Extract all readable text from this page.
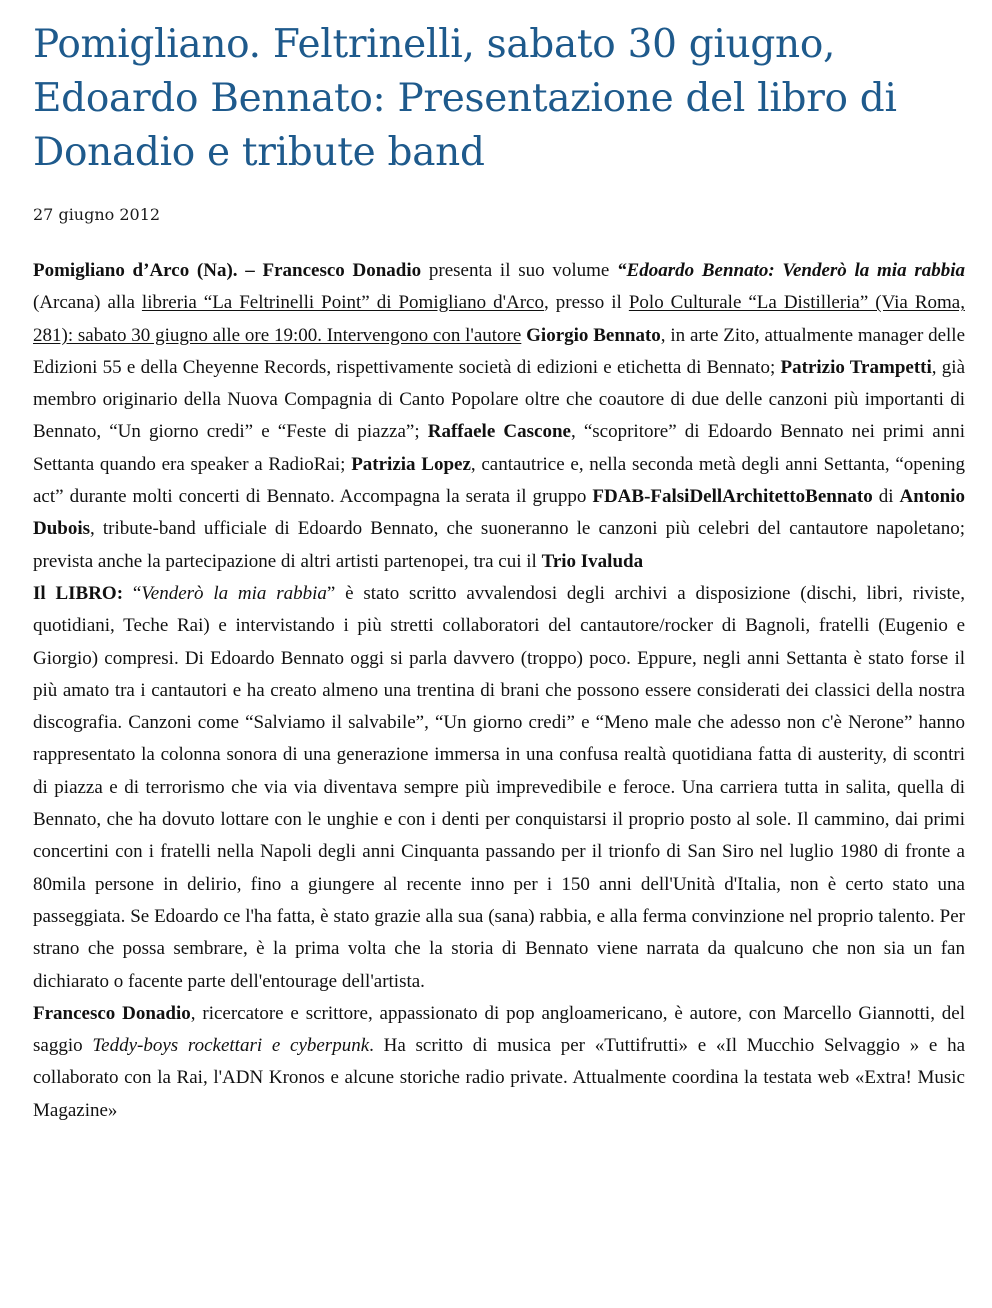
Pomigliano. Feltrinelli, sabato 30 giugno, Edoardo Bennato: Presentazione del libro di Donadio e tribute band
27 giugno 2012

Pomigliano d’Arco (Na). – Francesco Donadio presenta il suo volume “Edoardo Bennato: Venderò la mia rabbia (Arcana) alla libreria “La Feltrinelli Point” di Pomigliano d'Arco, presso il Polo Culturale “La Distilleria” (Via Roma, 281): sabato 30 giugno alle ore 19:00. Intervengono con l'autore Giorgio Bennato, in arte Zito, attualmente manager delle Edizioni 55 e della Cheyenne Records, rispettivamente società di edizioni e etichetta di Bennato; Patrizio Trampetti, già membro originario della Nuova Compagnia di Canto Popolare oltre che coautore di due delle canzoni più importanti di Bennato, “Un giorno credi” e “Feste di piazza”; Raffaele Cascone, “scopritore” di Edoardo Bennato nei primi anni Settanta quando era speaker a RadioRai; Patrizia Lopez, cantautrice e, nella seconda metà degli anni Settanta, “opening act” durante molti concerti di Bennato. Accompagna la serata il gruppo FDAB-FalsiDellArchitettoBennato di Antonio Dubois, tribute-band ufficiale di Edoardo Bennato, che suoneranno le canzoni più celebri del cantautore napoletano; prevista anche la partecipazione di altri artisti partenopei, tra cui il Trio Ivaluda

Il LIBRO: “Venderò la mia rabbia” è stato scritto avvalendosi degli archivi a disposizione (dischi, libri, riviste, quotidiani, Teche Rai) e intervistando i più stretti collaboratori del cantautore/rocker di Bagnoli, fratelli (Eugenio e Giorgio) compresi. Di Edoardo Bennato oggi si parla davvero (troppo) poco. Eppure, negli anni Settanta è stato forse il più amato tra i cantautori e ha creato almeno una trentina di brani che possono essere considerati dei classici della nostra discografia. Canzoni come “Salviamo il salvabile”, “Un giorno credi” e “Meno male che adesso non c'è Nerone” hanno rappresentato la colonna sonora di una generazione immersa in una confusa realtà quotidiana fatta di austerity, di scontri di piazza e di terrorismo che via via diventava sempre più imprevedibile e feroce. Una carriera tutta in salita, quella di Bennato, che ha dovuto lottare con le unghie e con i denti per conquistarsi il proprio posto al sole. Il cammino, dai primi concertini con i fratelli nella Napoli degli anni Cinquanta passando per il trionfo di San Siro nel luglio 1980 di fronte a 80mila persone in delirio, fino a giungere al recente inno per i 150 anni dell'Unità d'Italia, non è certo stato una passeggiata. Se Edoardo ce l'ha fatta, è stato grazie alla sua (sana) rabbia, e alla ferma convinzione nel proprio talento. Per strano che possa sembrare, è la prima volta che la storia di Bennato viene narrata da qualcuno che non sia un fan dichiarato o facente parte dell'entourage dell'artista.

Francesco Donadio, ricercatore e scrittore, appassionato di pop angloamericano, è autore, con Marcello Giannotti, del saggio Teddy-boys rockettari e cyberpunk. Ha scritto di musica per «Tuttifrutti» e «Il Mucchio Selvaggio » e ha collaborato con la Rai, l'ADN Kronos e alcune storiche radio private. Attualmente coordina la testata web «Extra! Music Magazine»
